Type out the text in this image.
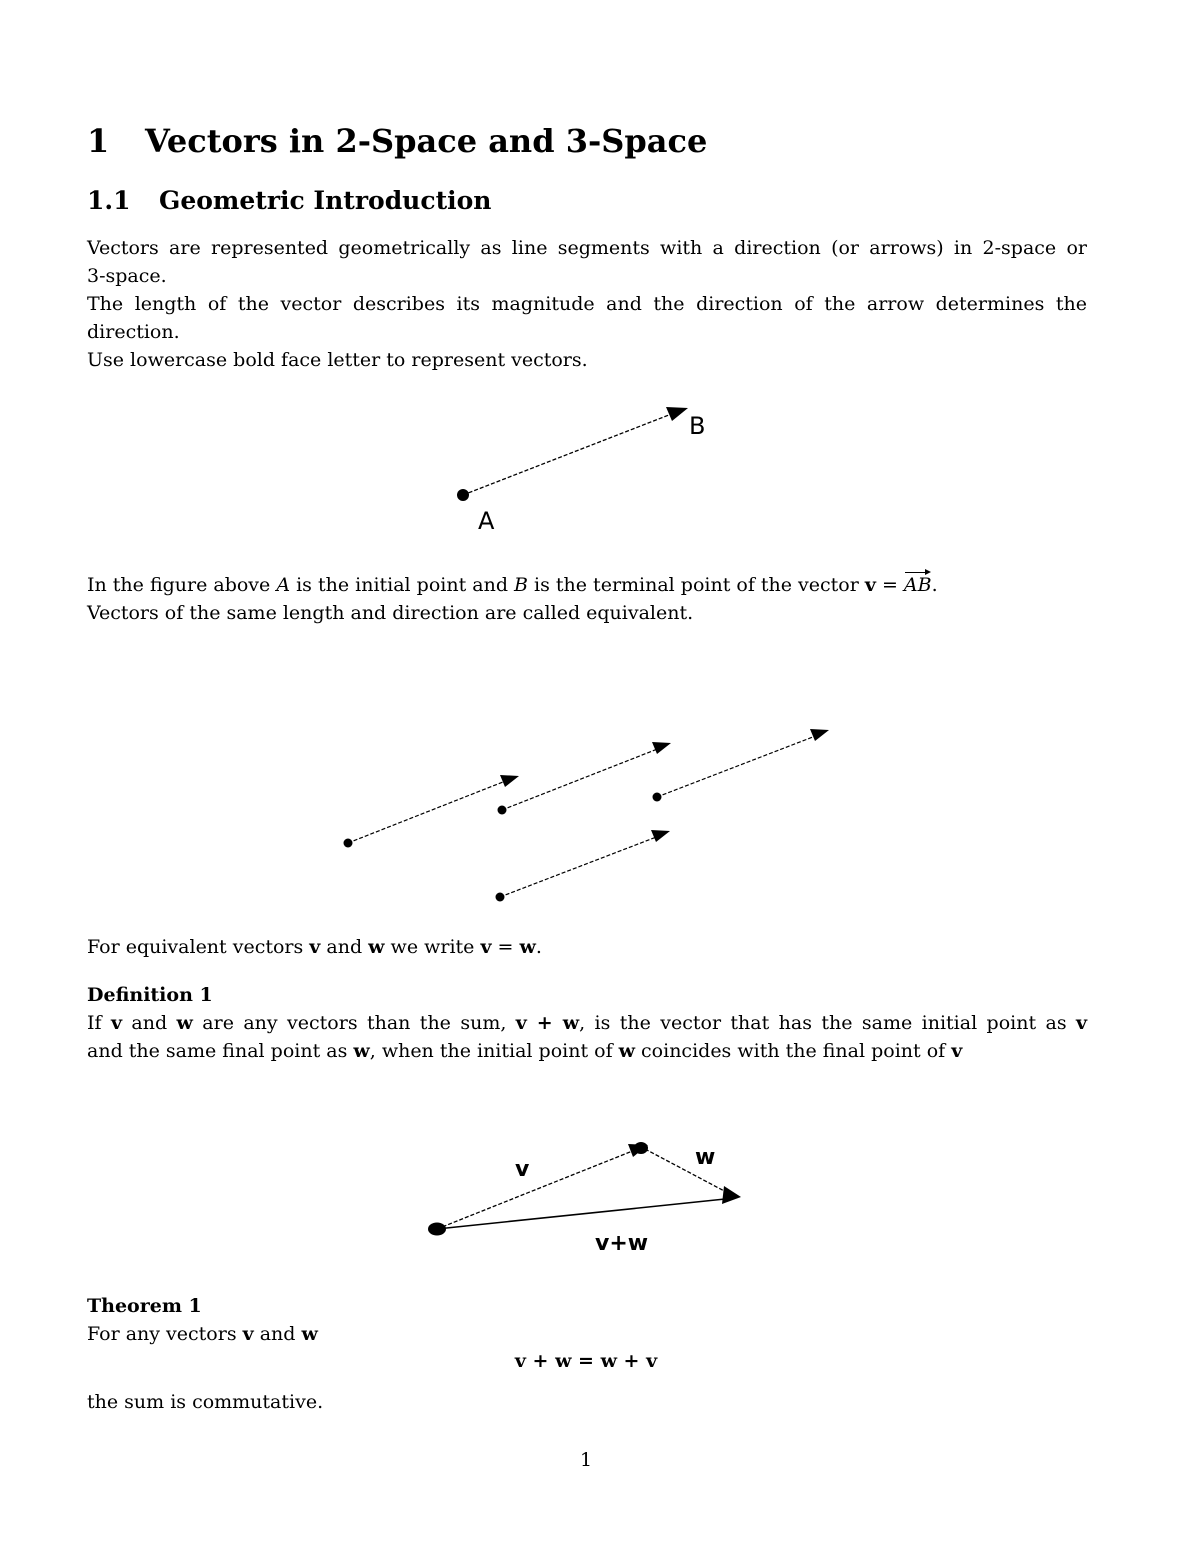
1 Vectors in 2-Space and 3-Space
1.1 Geometric Introduction
Vectors are represented geometrically as line segments with a direction (or arrows) in 2-space or
3-space.
The length of the vector describes its magnitude and the direction of the arrow determines the
direction.
Use lowercase bold face letter to represent vectors.
B
A
In the figure above A is the initial point and B is the terminal point of the vector v = AB.
Vectors of the same length and direction are called equivalent.
For equivalent vectors v and w we write v = w.
Definition 1
If v and w are any vectors than the sum, v + w, is the vector that has the same initial point as v
and the same final point as w, when the initial point of w coincides with the final point of v
v	w
v+w
Theorem 1
For any vectors v and w
v + w = w + v
the sum is commutative.
1
